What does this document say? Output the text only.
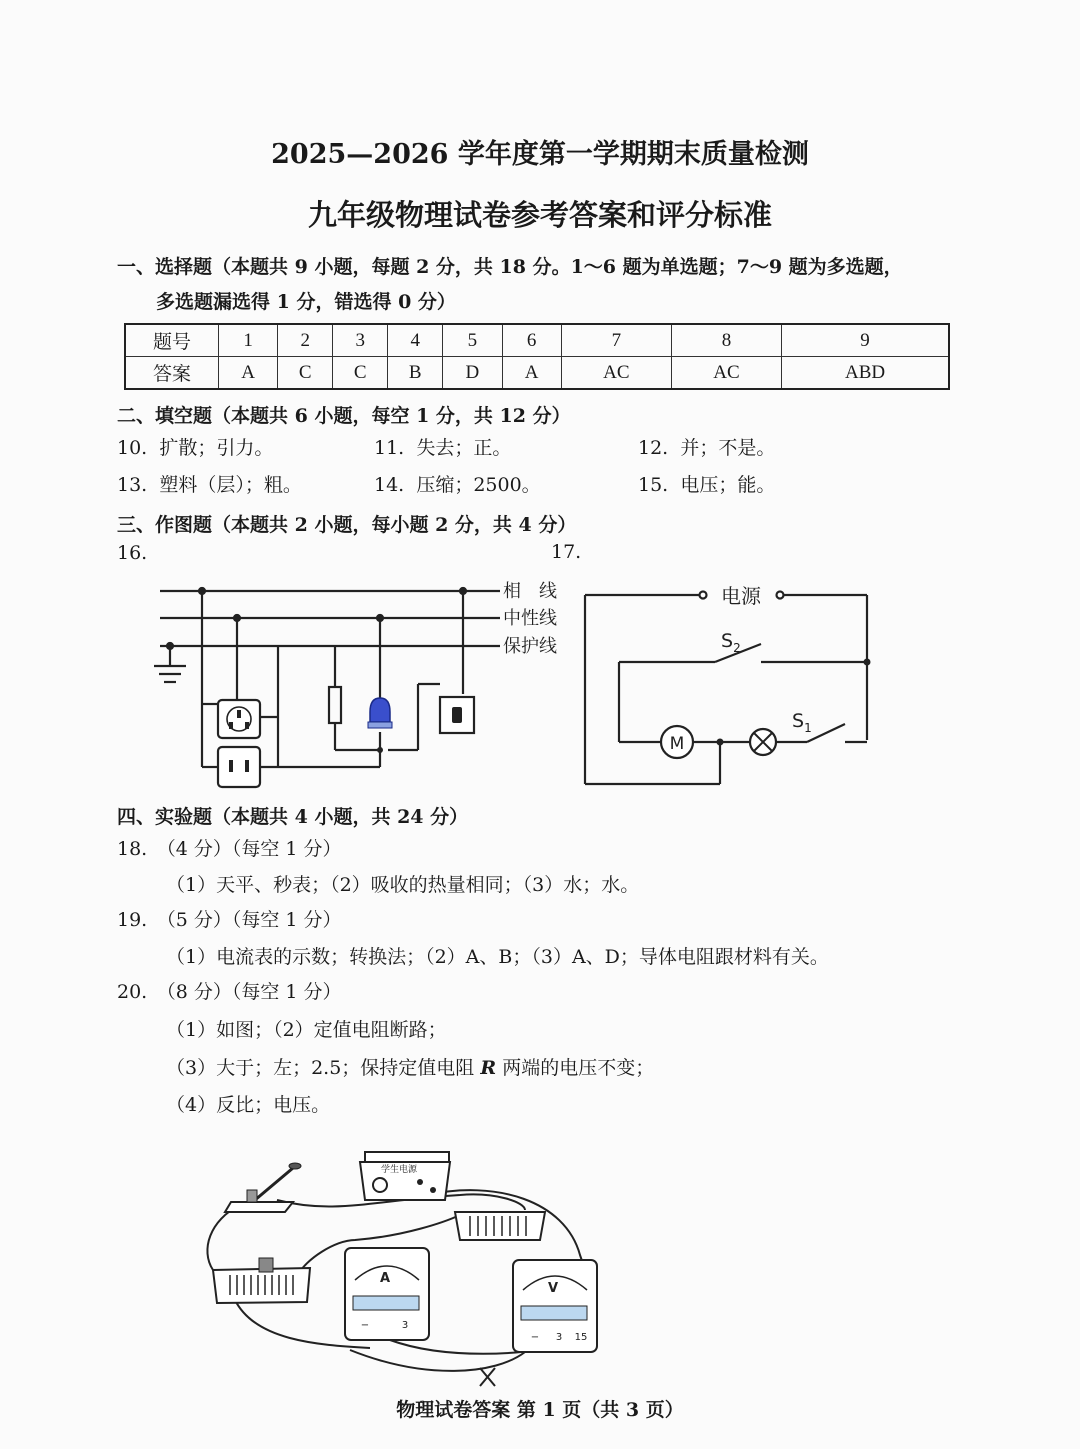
2025—2026 学年度第一学期期末质量检测
九年级物理试卷参考答案和评分标准
一、选择题（本题共 9 小题，每题 2 分，共 18 分。1～6 题为单选题；7～9 题为多选题，
多选题漏选得 1 分，错选得 0 分）
题号	1	2	3	4	5	6	7	8	9
答案	A	C	C	B	D	A	AC	AC	ABD
二、填空题（本题共 6 小题，每空 1 分，共 12 分）
10. 扩散；引力。	11. 失去；正。	12. 并；不是。
13. 塑料（层）；粗。	14. 压缩；2500。	15. 电压；能。
三、作图题（本题共 2 小题，每小题 2 分，共 4 分）
16.	17.
相　线
中性线
保护线
M
电源
$S_2$
$S_1$
四、实验题（本题共 4 小题，共 24 分）
18.　（4 分）（每空 1 分）
（1）天平、秒表；（2）吸收的热量相同；（3）水；水。
19.　（5 分）（每空 1 分）
（1）电流表的示数；转换法；（2）A、B；（3）A、D；导体电阻跟材料有关。
20.　（8 分）（每空 1 分）
（1）如图；（2）定值电阻断路；
（3）大于；左；2.5；保持定值电阻 R 两端的电压不变；
（4）反比；电压。
学生电源
A
−	3
V
− 3 15
物理试卷答案 第 1 页（共 3 页）
